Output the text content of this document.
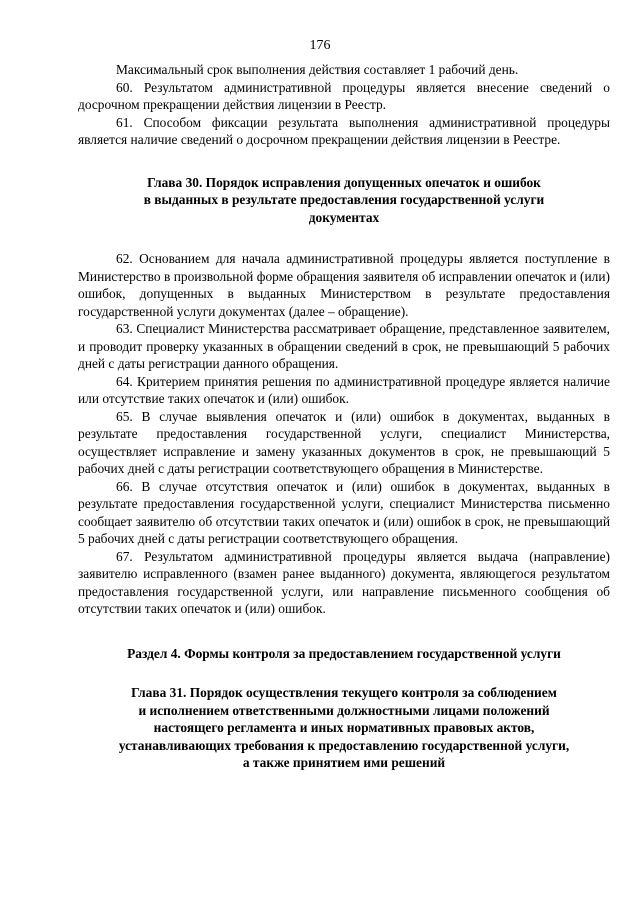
176

Максимальный срок выполнения действия составляет 1 рабочий день.

60. Результатом административной процедуры является внесение сведений о досрочном прекращении действия лицензии в Реестр.

61. Способом фиксации результата выполнения административной процедуры является наличие сведений о досрочном прекращении действия лицензии в Реестре.

Глава 30. Порядок исправления допущенных опечаток и ошибок
в выданных в результате предоставления государственной услуги
документах

62. Основанием для начала административной процедуры является поступление в Министерство в произвольной форме обращения заявителя об исправлении опечаток и (или) ошибок, допущенных в выданных Министерством в результате предоставления государственной услуги документах (далее – обращение).

63. Специалист Министерства рассматривает обращение, представленное заявителем, и проводит проверку указанных в обращении сведений в срок, не превышающий 5 рабочих дней с даты регистрации данного обращения.

64. Критерием принятия решения по административной процедуре является наличие или отсутствие таких опечаток и (или) ошибок.

65. В случае выявления опечаток и (или) ошибок в документах, выданных в результате предоставления государственной услуги, специалист Министерства, осуществляет исправление и замену указанных документов в срок, не превышающий 5 рабочих дней с даты регистрации соответствующего обращения в Министерстве.

66. В случае отсутствия опечаток и (или) ошибок в документах, выданных в результате предоставления государственной услуги, специалист Министерства письменно сообщает заявителю об отсутствии таких опечаток и (или) ошибок в срок, не превышающий 5 рабочих дней с даты регистрации соответствующего обращения.

67. Результатом административной процедуры является выдача (направление) заявителю исправленного (взамен ранее выданного) документа, являющегося результатом предоставления государственной услуги, или направление письменного сообщения об отсутствии таких опечаток и (или) ошибок.

Раздел 4. Формы контроля за предоставлением государственной услуги
Глава 31. Порядок осуществления текущего контроля за соблюдением
и исполнением ответственными должностными лицами положений
настоящего регламента и иных нормативных правовых актов,
устанавливающих требования к предоставлению государственной услуги,
а также принятием ими решений
